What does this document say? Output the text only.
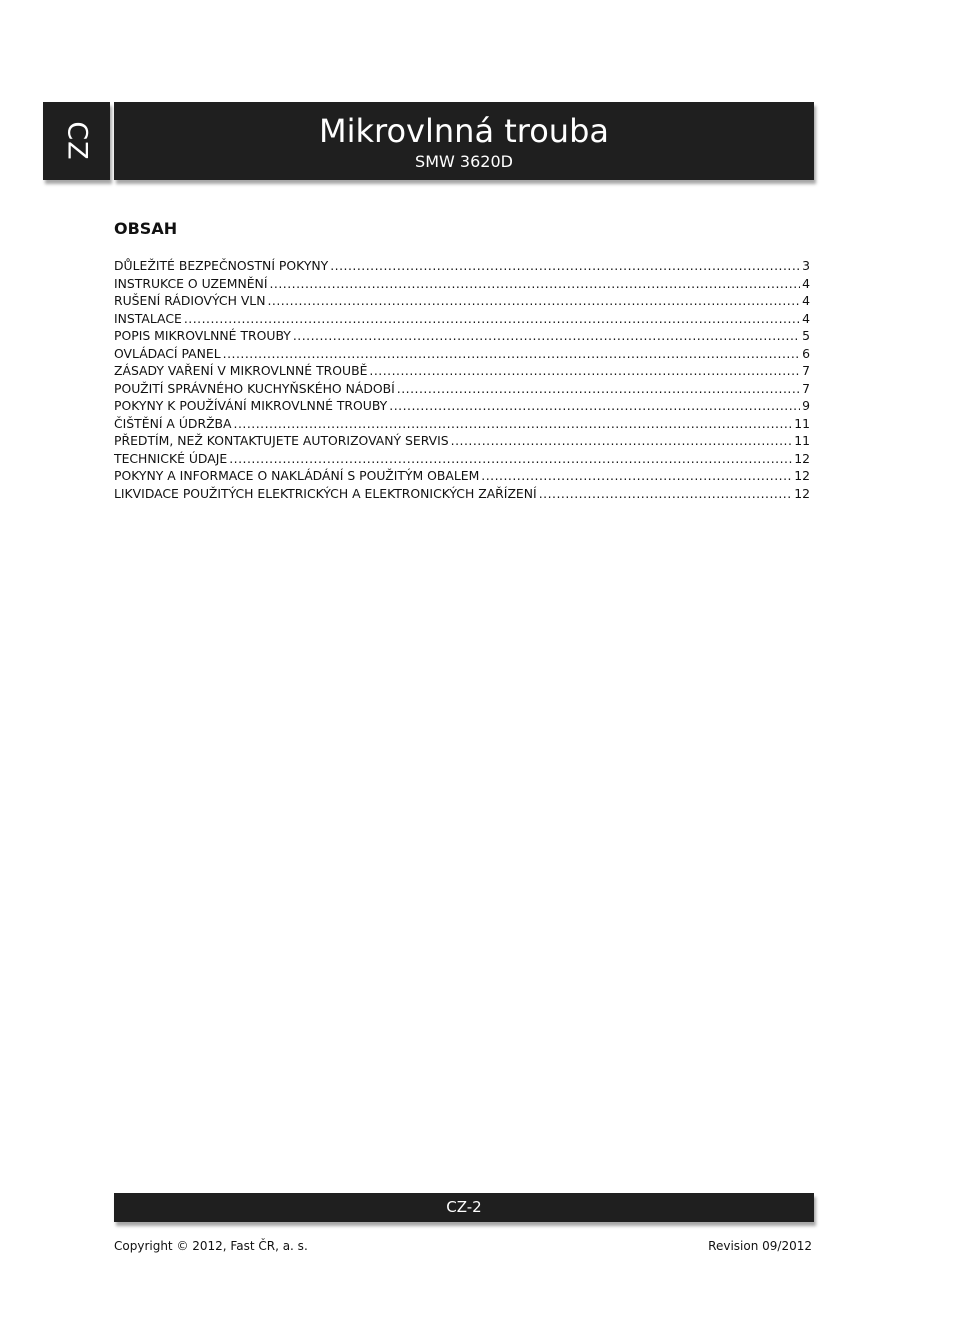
CZ	Mikrovlnná trouba
SMW 3620D
OBSAH
DŮLEŽITÉ BEZPEČNOSTNÍ POKYNY .....	3
INSTRUKCE O UZEMNĚNÍ .....	4
RUŠENÍ RÁDIOVÝCH VLN .....	4
INSTALACE .....	4
POPIS MIKROVLNNÉ TROUBY .....	5
OVLÁDACÍ PANEL .....	6
ZÁSADY VAŘENÍ V MIKROVLNNÉ TROUBĚ .....	7
POUŽITÍ SPRÁVNÉHO KUCHYŇSKÉHO NÁDOBÍ .....	7
POKYNY K POUŽÍVÁNÍ MIKROVLNNÉ TROUBY .....	9
ČIŠTĚNÍ A ÚDRŽBA .....	11
PŘEDTÍM, NEŽ KONTAKTUJETE AUTORIZOVANÝ SERVIS .....	11
TECHNICKÉ ÚDAJE .....	12
POKYNY A INFORMACE O NAKLÁDÁNÍ S POUŽITÝM OBALEM .....	12
LIKVIDACE POUŽITÝCH ELEKTRICKÝCH A ELEKTRONICKÝCH ZAŘÍZENÍ .....	12
CZ-2
Copyright © 2012, Fast ČR, a. s.	Revision 09/2012
